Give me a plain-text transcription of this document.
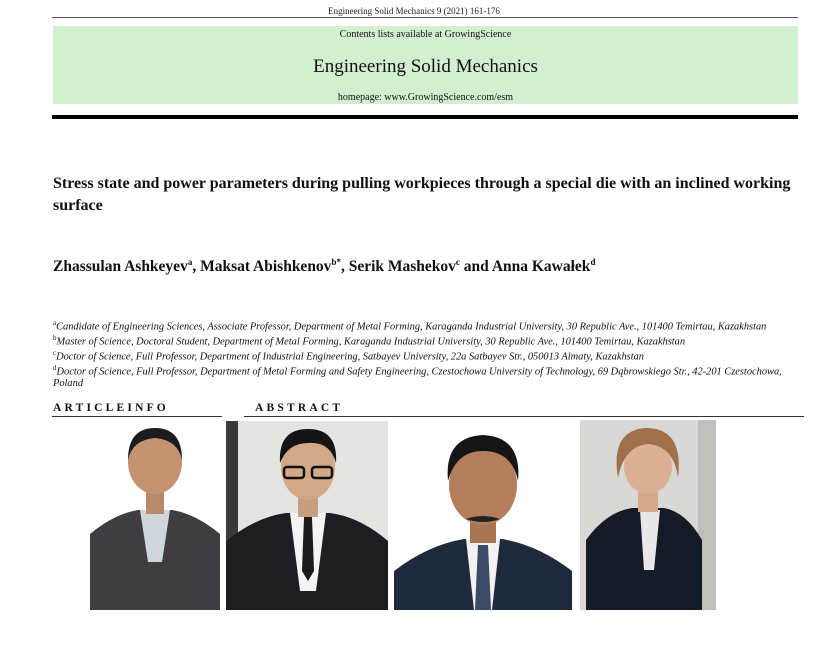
Engineering Solid Mechanics 9 (2021) 161-176
Contents lists available at GrowingScience
Engineering Solid Mechanics
homepage: www.GrowingScience.com/esm
Stress state and power parameters during pulling workpieces through a special die with an inclined working surface
Zhassulan Ashkeyev$^a$, Maksat Abishkenov$^{b*}$, Serik Mashekov$^c$ and Anna Kawałek$^d$

$^a$Candidate of Engineering Sciences, Associate Professor, Department of Metal Forming, Karaganda Industrial University, 30 Republic Ave., 101400 Temirtau, Kazakhstan

$^b$Master of Science, Doctoral Student, Department of Metal Forming, Karaganda Industrial University, 30 Republic Ave., 101400 Temirtau, Kazakhstan

$^c$Doctor of Science, Full Professor, Department of Industrial Engineering, Satbayev University, 22a Satbayev Str., 050013 Almaty, Kazakhstan

$^d$Doctor of Science, Full Professor, Department of Metal Forming and Safety Engineering, Czestochowa University of Technology, 69 Dąbrowskiego Str., 42-201 Czestochowa, Poland

ARTICLEINFO	ABSTRACT
